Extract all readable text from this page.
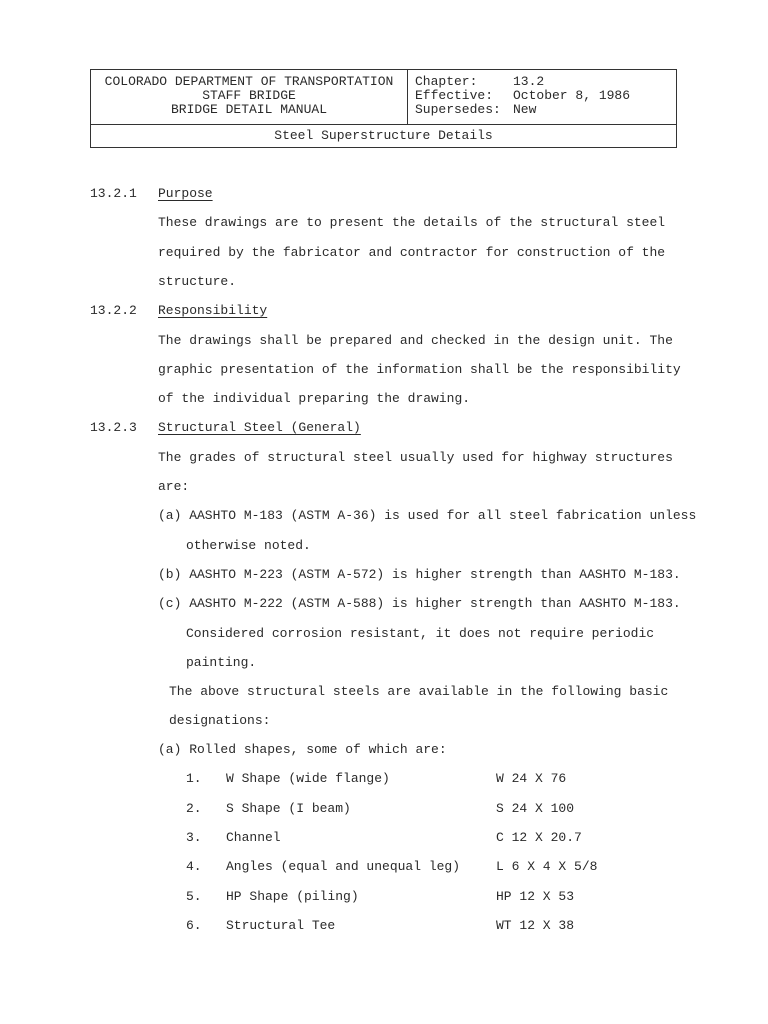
COLORADO DEPARTMENT OF TRANSPORTATION
STAFF BRIDGE
BRIDGE DETAIL MANUAL
Chapter:	13.2
Effective:	October 8, 1986
Supersedes: New
Steel Superstructure Details
13.2.1 Purpose
These drawings are to present the details of the structural steel
required by the fabricator and contractor for construction of the
structure.
13.2.2 Responsibility
The drawings shall be prepared and checked in the design unit. The
graphic presentation of the information shall be the responsibility
of the individual preparing the drawing.
13.2.3 Structural Steel (General)
The grades of structural steel usually used for highway structures
are:
(a) AASHTO M-183 (ASTM A-36) is used for all steel fabrication unless
otherwise noted.
(b) AASHTO M-223 (ASTM A-572) is higher strength than AASHTO M-183.
(c) AASHTO M-222 (ASTM A-588) is higher strength than AASHTO M-183.
Considered corrosion resistant, it does not require periodic
painting.
The above structural steels are available in the following basic
designations:
(a) Rolled shapes, some of which are:
1. W Shape (wide flange)	W 24 X 76
2. S Shape (I beam)	S 24 X 100
3. Channel	C 12 X 20.7
4. Angles (equal and unequal leg)	L 6 X 4 X 5/8
5. HP Shape (piling)	HP 12 X 53
6. Structural Tee	WT 12 X 38
